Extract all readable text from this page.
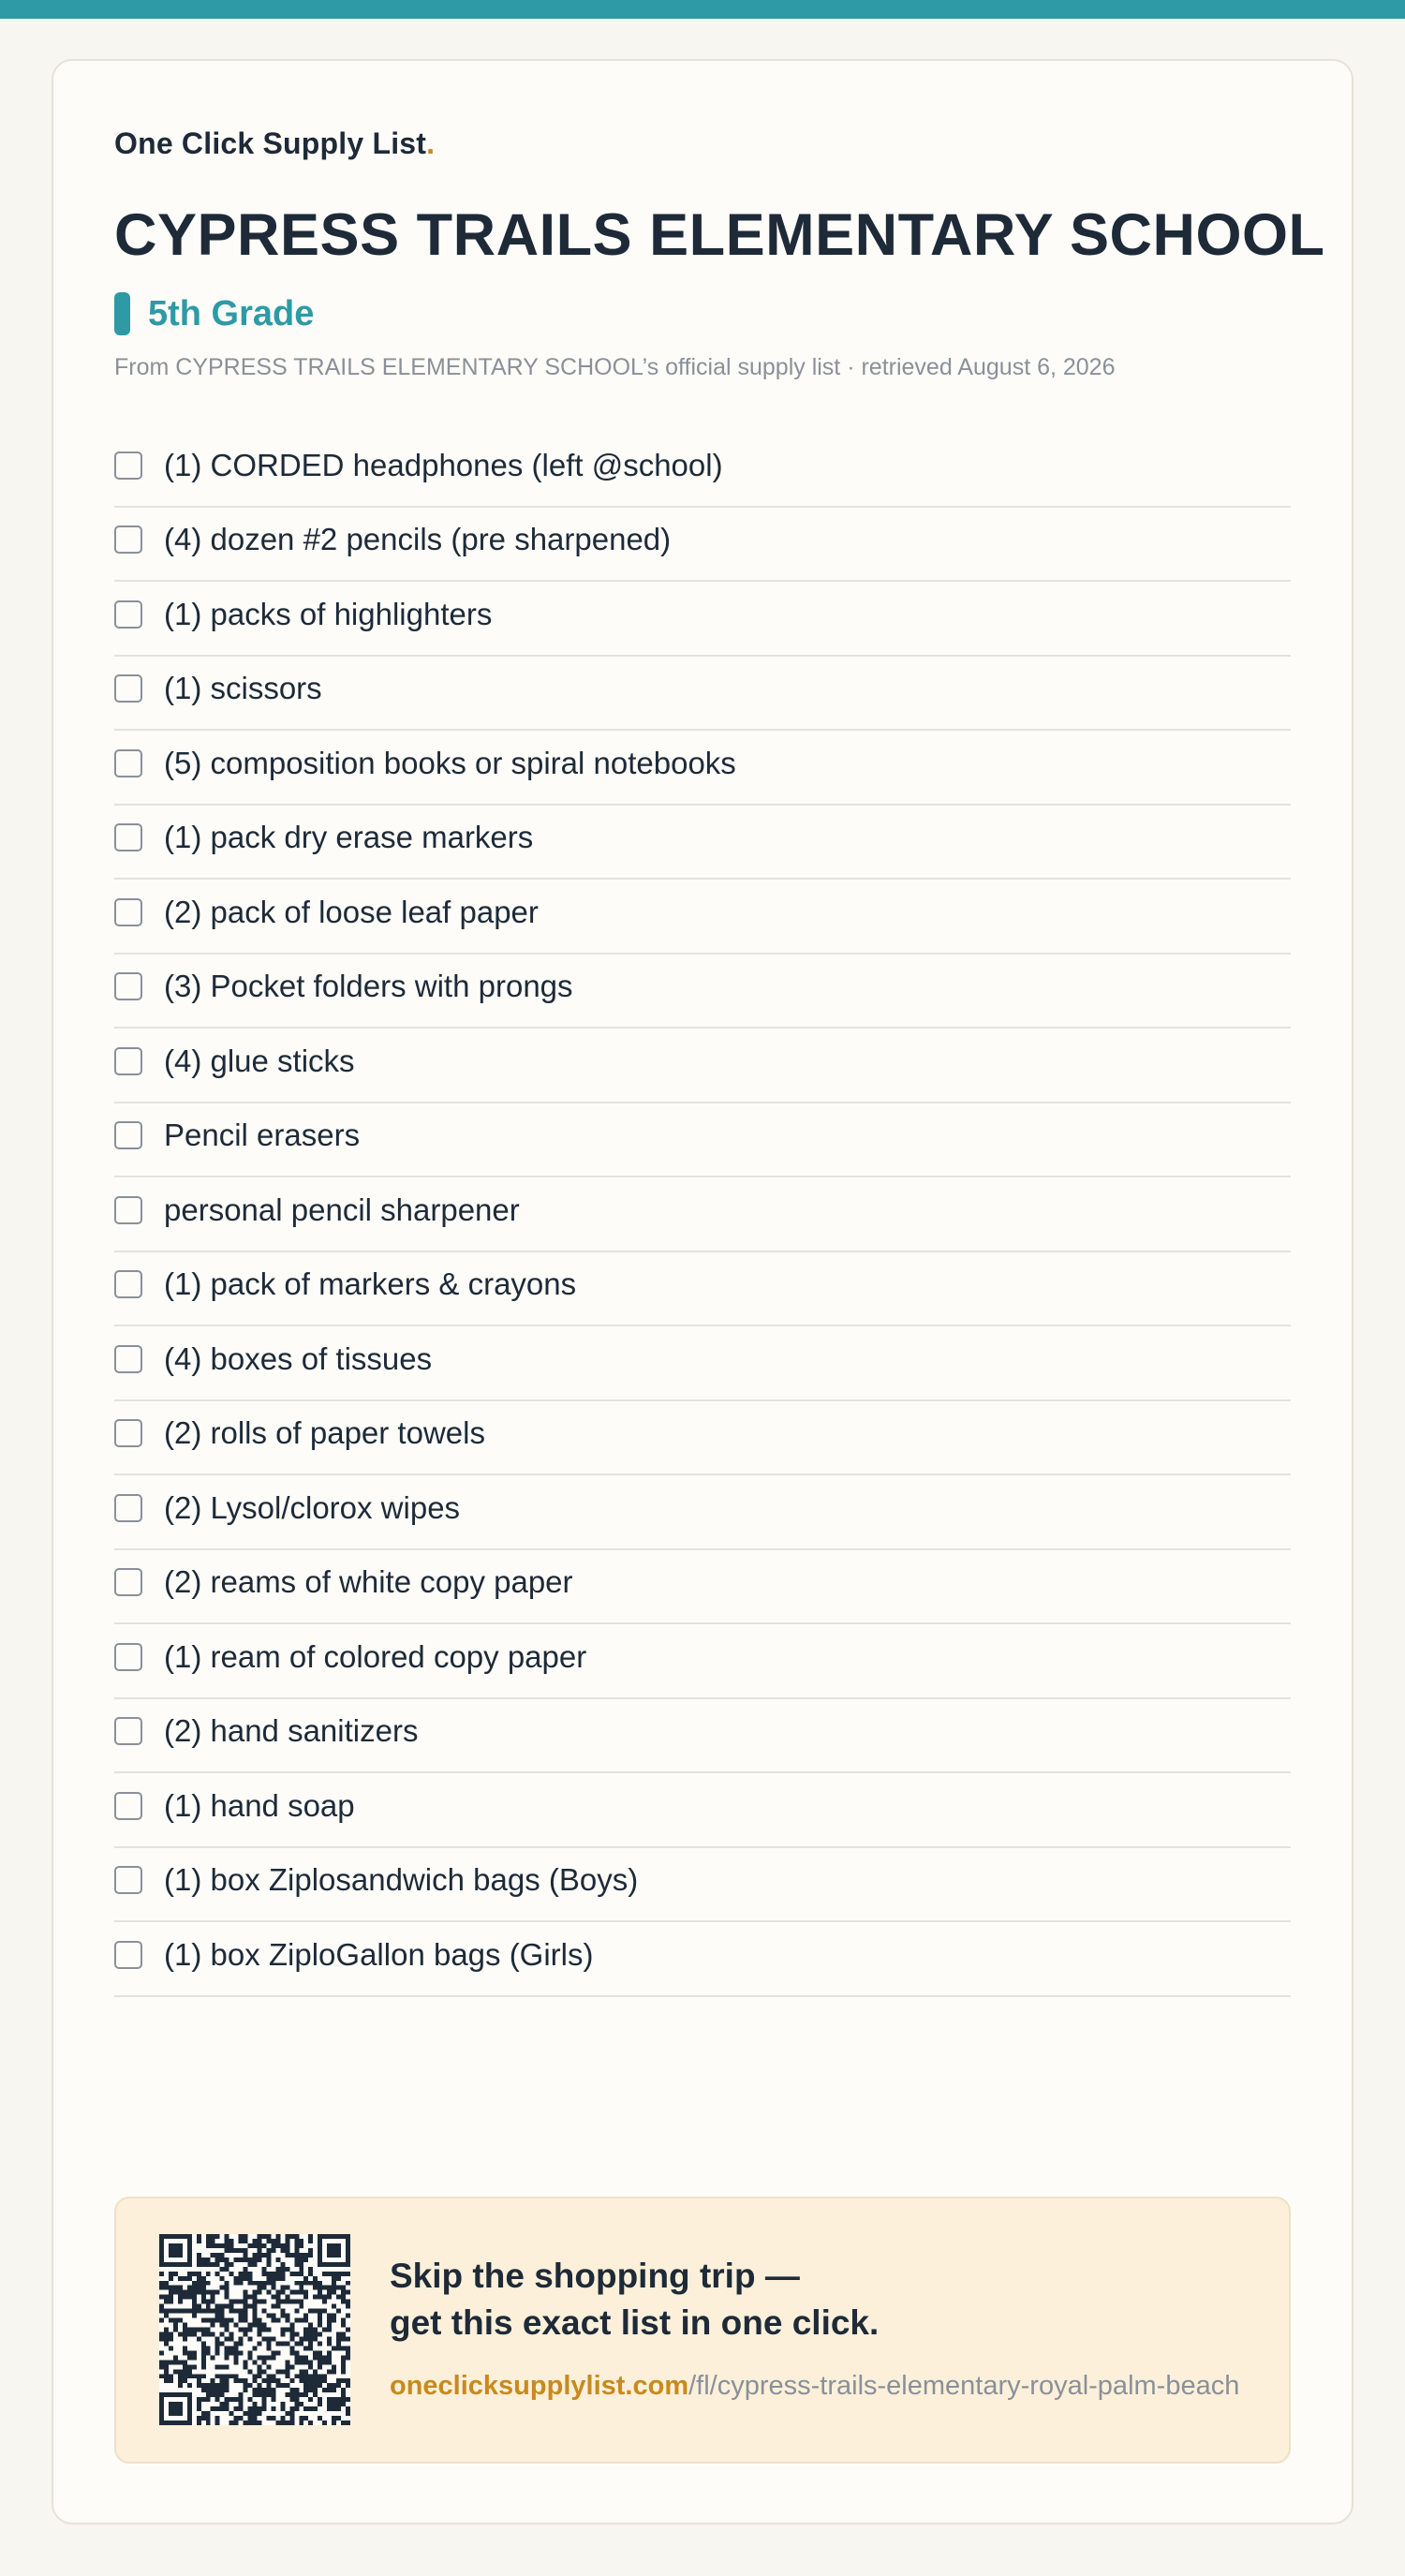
One Click Supply List.
CYPRESS TRAILS ELEMENTARY SCHOOL
5th Grade
From CYPRESS TRAILS ELEMENTARY SCHOOL’s official supply list · retrieved August 6, 2026
(1) CORDED headphones (left @school)
(4) dozen #2 pencils (pre sharpened)
(1) packs of highlighters
(1) scissors
(5) composition books or spiral notebooks
(1) pack dry erase markers
(2) pack of loose leaf paper
(3) Pocket folders with prongs
(4) glue sticks
Pencil erasers
personal pencil sharpener
(1) pack of markers & crayons
(4) boxes of tissues
(2) rolls of paper towels
(2) Lysol/clorox wipes
(2) reams of white copy paper
(1) ream of colored copy paper
(2) hand sanitizers
(1) hand soap
(1) box Ziplosandwich bags (Boys)
(1) box ZiploGallon bags (Girls)
Skip the shopping trip —
get this exact list in one click.
oneclicksupplylist.com/fl/cypress-trails-elementary-royal-palm-beach
